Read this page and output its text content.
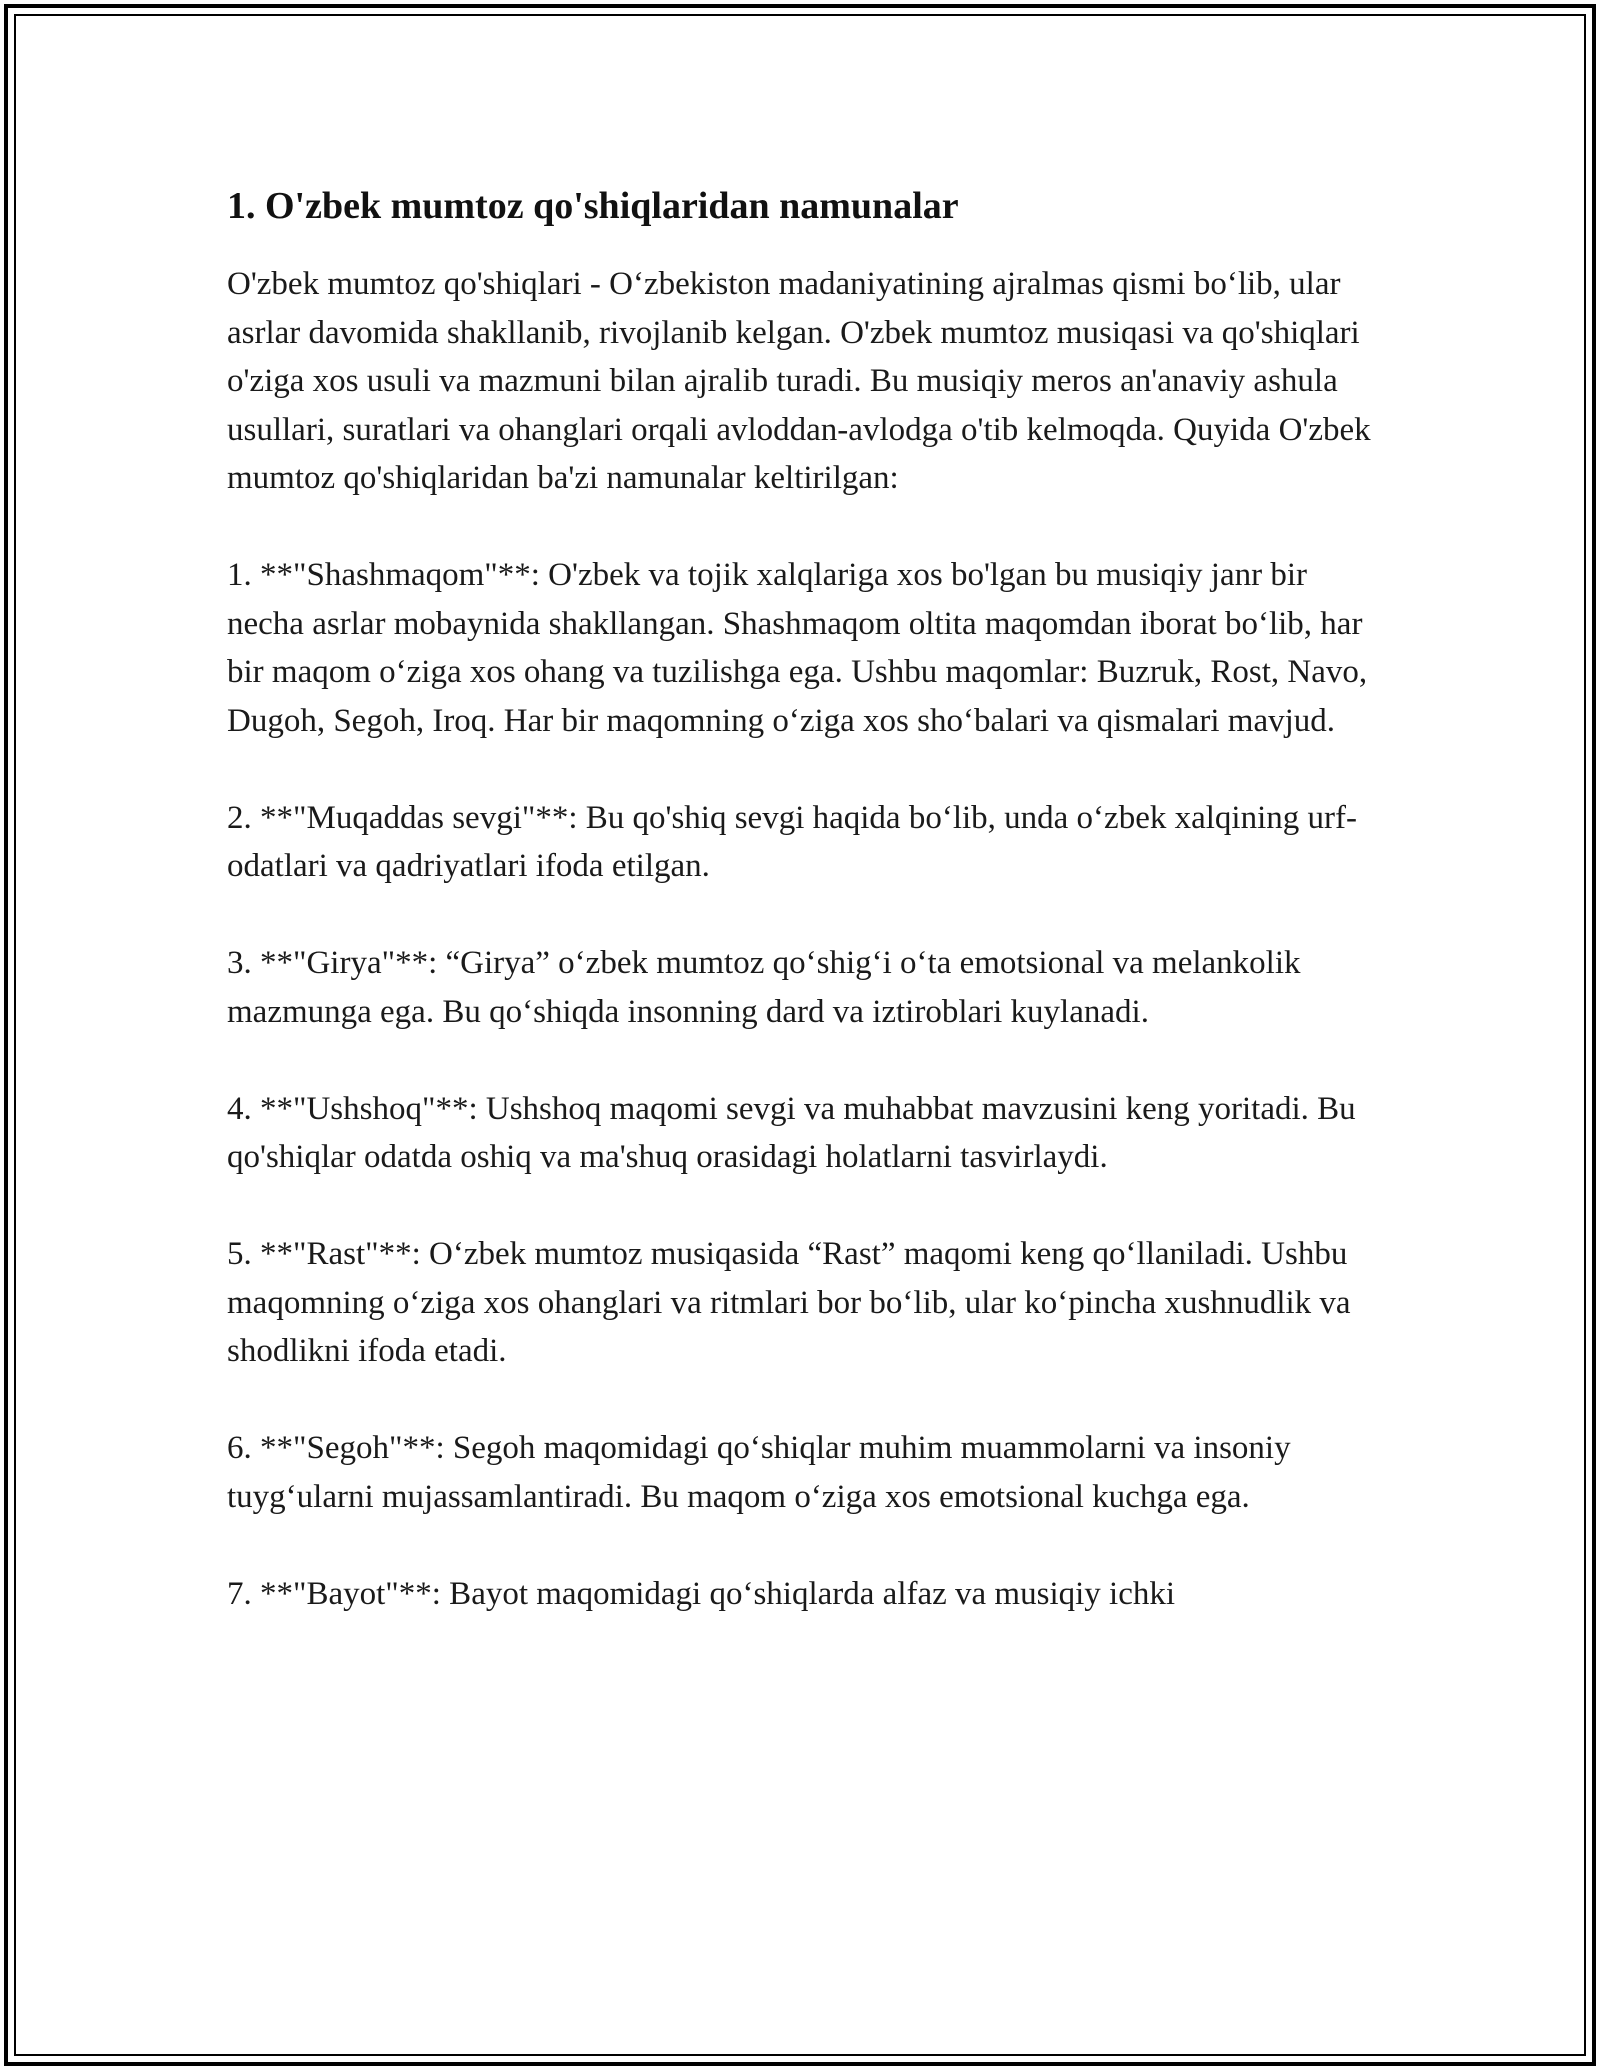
1. O'zbek mumtoz qo'shiqlaridan namunalar

O'zbek mumtoz qo'shiqlari - O‘zbekiston madaniyatining ajralmas qismi bo‘lib, ular asrlar davomida shakllanib, rivojlanib kelgan. O'zbek mumtoz musiqasi va qo'shiqlari o'ziga xos usuli va mazmuni bilan ajralib turadi. Bu musiqiy meros an'anaviy ashula usullari, suratlari va ohanglari orqali avloddan-avlodga o'tib kelmoqda. Quyida O'zbek mumtoz qo'shiqlaridan ba'zi namunalar keltirilgan:

1. **"Shashmaqom"**: O'zbek va tojik xalqlariga xos bo'lgan bu musiqiy janr bir necha asrlar mobaynida shakllangan. Shashmaqom oltita maqomdan iborat bo‘lib, har bir maqom o‘ziga xos ohang va tuzilishga ega. Ushbu maqomlar: Buzruk, Rost, Navo, Dugoh, Segoh, Iroq. Har bir maqomning o‘ziga xos sho‘balari va qismalari mavjud.

2. **"Muqaddas sevgi"**: Bu qo'shiq sevgi haqida bo‘lib, unda o‘zbek xalqining urf-odatlari va qadriyatlari ifoda etilgan.

3. **"Girya"**: “Girya” o‘zbek mumtoz qo‘shig‘i o‘ta emotsional va melankolik mazmunga ega. Bu qo‘shiqda insonning dard va iztiroblari kuylanadi.

4. **"Ushshoq"**: Ushshoq maqomi sevgi va muhabbat mavzusini keng yoritadi. Bu qo'shiqlar odatda oshiq va ma'shuq orasidagi holatlarni tasvirlaydi.

5. **"Rast"**: O‘zbek mumtoz musiqasida “Rast” maqomi keng qo‘llaniladi. Ushbu maqomning o‘ziga xos ohanglari va ritmlari bor bo‘lib, ular ko‘pincha xushnudlik va shodlikni ifoda etadi.

6. **"Segoh"**: Segoh maqomidagi qo‘shiqlar muhim muammolarni va insoniy tuyg‘ularni mujassamlantiradi. Bu maqom o‘ziga xos emotsional kuchga ega.

7. **"Bayot"**: Bayot maqomidagi qo‘shiqlarda alfaz va musiqiy ichki
